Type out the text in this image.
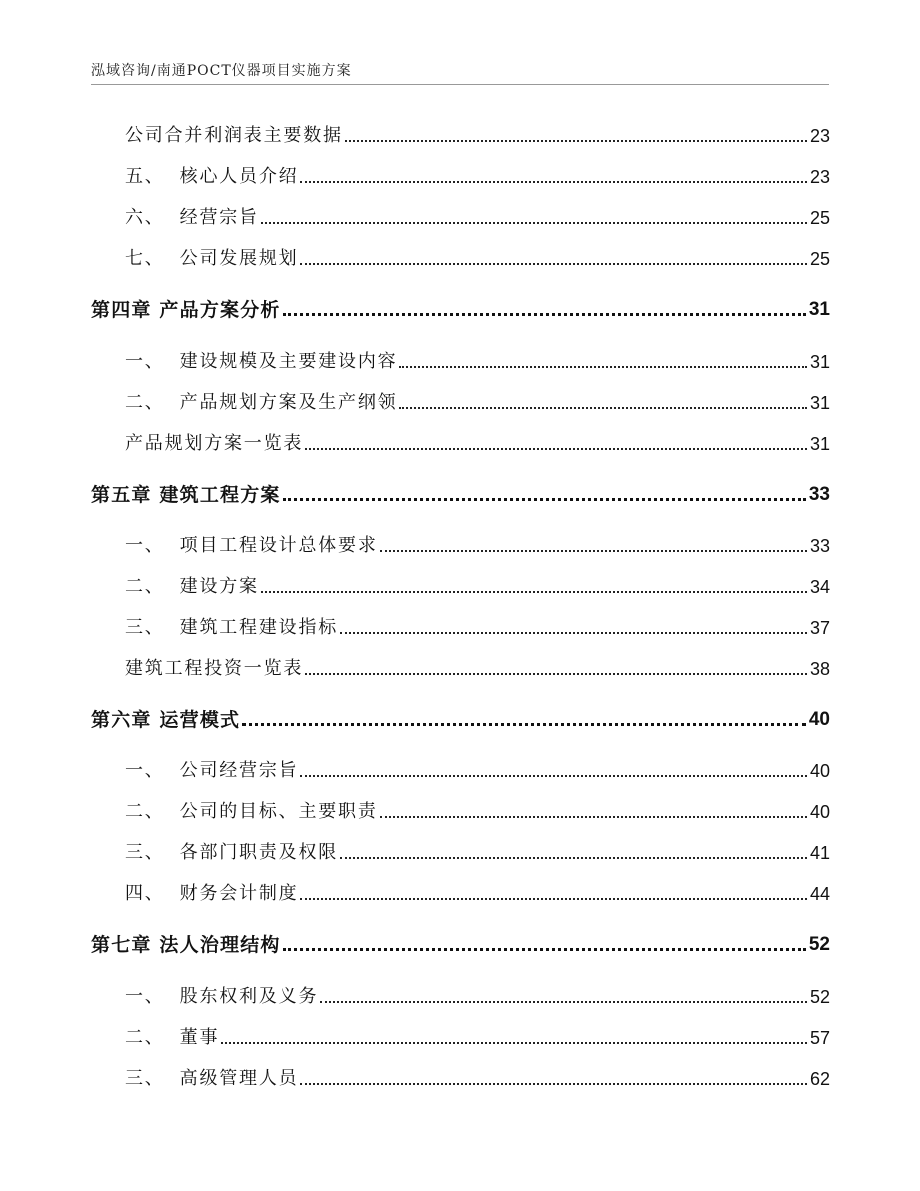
泓域咨询/南通POCT仪器项目实施方案
公司合并利润表主要数据	23
五、  核心人员介绍	23
六、  经营宗旨	25
七、  公司发展规划	25
第四章 产品方案分析	31
一、  建设规模及主要建设内容	31
二、  产品规划方案及生产纲领	31
产品规划方案一览表	31
第五章 建筑工程方案	33
一、  项目工程设计总体要求	33
二、  建设方案	34
三、  建筑工程建设指标	37
建筑工程投资一览表	38
第六章 运营模式	40
一、  公司经营宗旨	40
二、  公司的目标、主要职责	40
三、  各部门职责及权限	41
四、  财务会计制度	44
第七章 法人治理结构	52
一、  股东权利及义务	52
二、  董事	57
三、  高级管理人员	62
